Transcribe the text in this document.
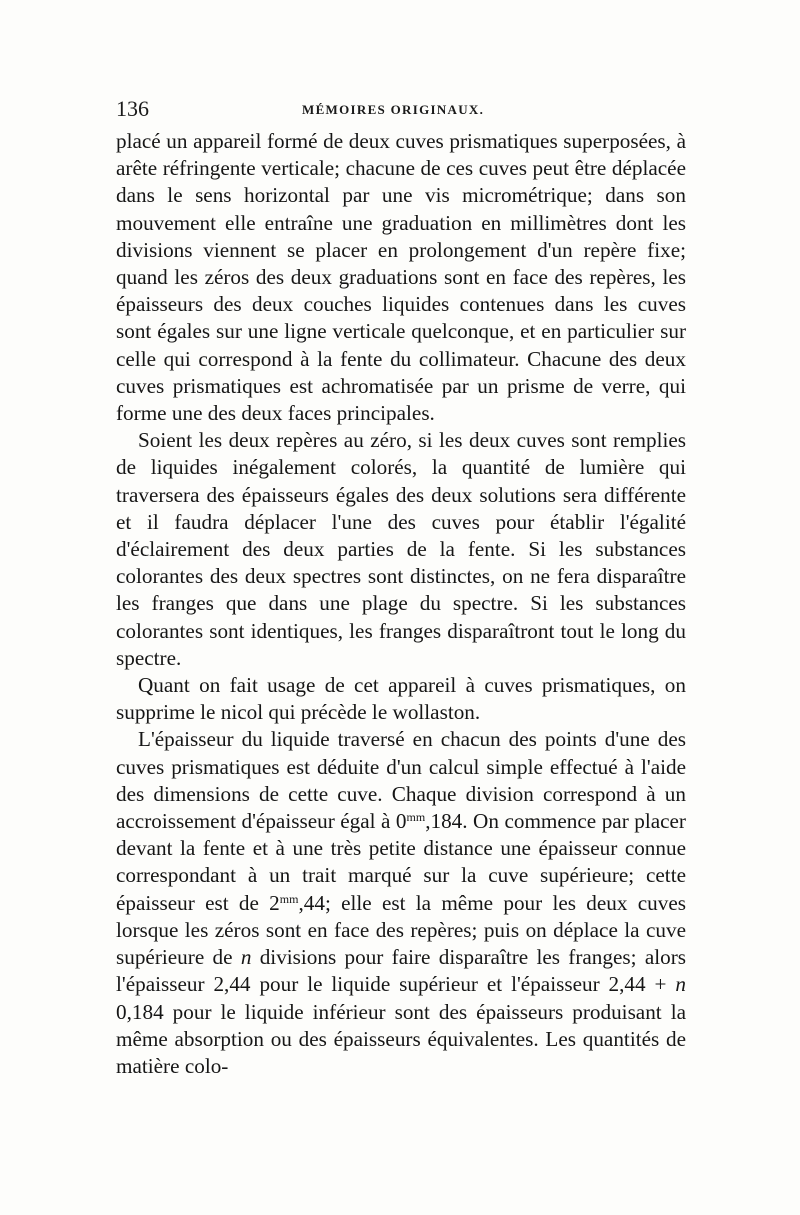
136	MÉMOIRES ORIGINAUX.

placé un appareil formé de deux cuves prismatiques superposées, à arête réfringente verticale; chacune de ces cuves peut être déplacée dans le sens horizontal par une vis micrométrique; dans son mouvement elle entraîne une graduation en millimètres dont les divisions viennent se placer en prolongement d'un repère fixe; quand les zéros des deux graduations sont en face des repères, les épaisseurs des deux couches liquides contenues dans les cuves sont égales sur une ligne verticale quelconque, et en particulier sur celle qui correspond à la fente du collimateur. Chacune des deux cuves prismatiques est achromatisée par un prisme de verre, qui forme une des deux faces principales.

Soient les deux repères au zéro, si les deux cuves sont remplies de liquides inégalement colorés, la quantité de lumière qui traversera des épaisseurs égales des deux solutions sera différente et il faudra déplacer l'une des cuves pour établir l'égalité d'éclairement des deux parties de la fente. Si les substances colorantes des deux spectres sont distinctes, on ne fera disparaître les franges que dans une plage du spectre. Si les substances colorantes sont identiques, les franges disparaîtront tout le long du spectre.

Quant on fait usage de cet appareil à cuves prismatiques, on supprime le nicol qui précède le wollaston.

L'épaisseur du liquide traversé en chacun des points d'une des cuves prismatiques est déduite d'un calcul simple effectué à l'aide des dimensions de cette cuve. Chaque division correspond à un accroissement d'épaisseur égal à $0^{mm},184$. On commence par placer devant la fente et à une très petite distance une épaisseur connue correspondant à un trait marqué sur la cuve supérieure; cette épaisseur est de $2^{mm},44$; elle est la même pour les deux cuves lorsque les zéros sont en face des repères; puis on déplace la cuve supérieure de n divisions pour faire disparaître les franges; alors l'épaisseur 2,44 pour le liquide supérieur et l'épaisseur 2,44 + n 0,184 pour le liquide inférieur sont des épaisseurs produisant la même absorption ou des épaisseurs équivalentes. Les quantités de matière colo-
